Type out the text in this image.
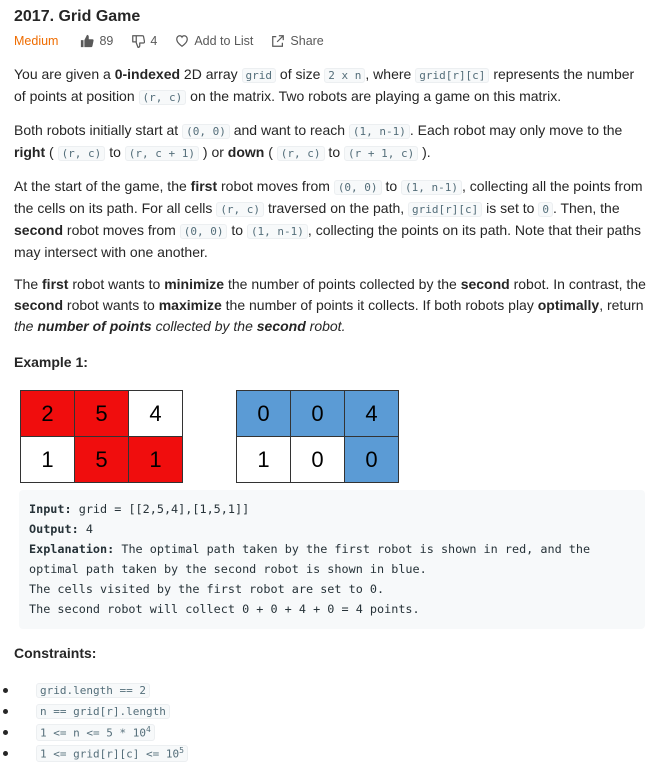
2017. Grid Game
Medium	89	4	Add to List	Share
You are given a 0-indexed 2D array grid of size 2 x n , where grid[r][c] represents the number of points at position (r, c) on the matrix. Two robots are playing a game on this matrix.
Both robots initially start at (0, 0) and want to reach (1, n-1) . Each robot may only move to the right ( (r, c) to (r, c + 1) ) or down ( (r, c) to (r + 1, c) ).
At the start of the game, the first robot moves from (0, 0) to (1, n-1) , collecting all the points from the cells on its path. For all cells (r, c) traversed on the path, grid[r][c] is set to 0 . Then, the second robot moves from (0, 0) to (1, n-1) , collecting the points on its path. Note that their paths may intersect with one another.
The first robot wants to minimize the number of points collected by the second robot. In contrast, the second robot wants to maximize the number of points it collects. If both robots play optimally, return the number of points collected by the second robot.
Example 1:
2	5	4
1	5	1
0	0	4
1	0	0
Input: grid = [[2,5,4],[1,5,1]]
Output: 4
Explanation: The optimal path taken by the first robot is shown in red, and the
optimal path taken by the second robot is shown in blue.
The cells visited by the first robot are set to 0.
The second robot will collect 0 + 0 + 4 + 0 = 4 points.
Constraints:
grid.length == 2
n == grid[r].length
$1 <= n <= 5 * 10^4$
1 <= grid[r][c] <= $10^5$
